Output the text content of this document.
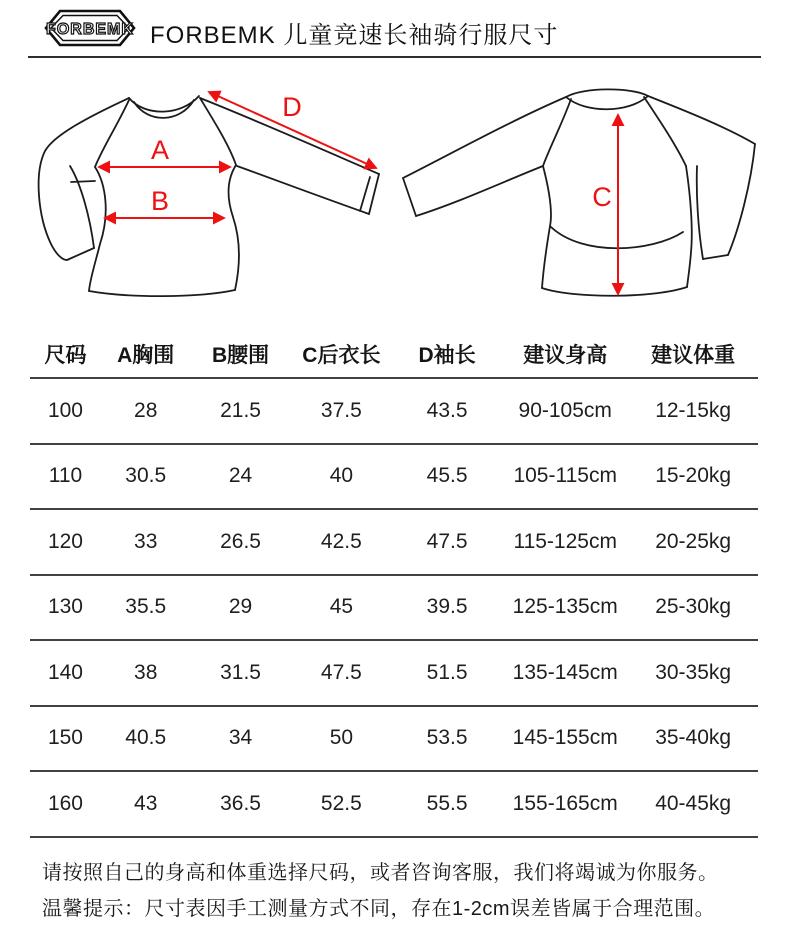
FORBEMK FORBEMK 儿童竞速长袖骑行服尺寸
A
B
D
C
尺码	A胸围	B腰围	C后衣长	D袖长	建议身高	建议体重
100	28	21.5	37.5	43.5	90-105cm	12-15kg
110	30.5	24	40	45.5	105-115cm	15-20kg
120	33	26.5	42.5	47.5	115-125cm	20-25kg
130	35.5	29	45	39.5	125-135cm	25-30kg
140	38	31.5	47.5	51.5	135-145cm	30-35kg
150	40.5	34	50	53.5	145-155cm	35-40kg
160	43	36.5	52.5	55.5	155-165cm	40-45kg
请按照自己的身高和体重选择尺码，或者咨询客服，我们将竭诚为你服务。
温馨提示：尺寸表因手工测量方式不同，存在1-2cm误差皆属于合理范围。
